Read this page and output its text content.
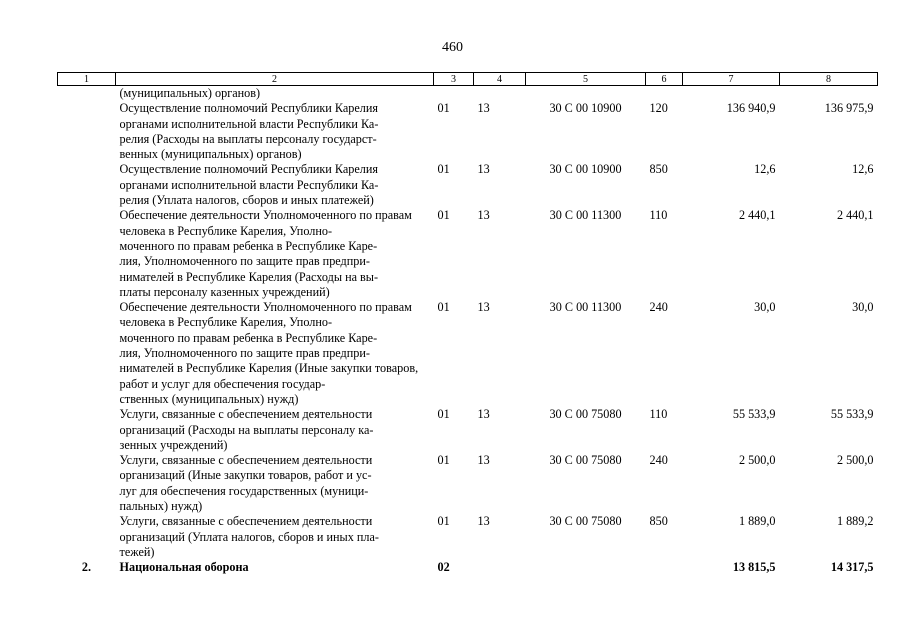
460
1	2	3	4	5	6	7	8
	(муниципальных) органов)						
	Осуществление полномочий Республики Карелия органами исполнительной власти Республики Ка-
релия (Расходы на выплаты персоналу государст-
венных (муниципальных) органов)	01	13	30 С 00 10900	120	136 940,9	136 975,9
	Осуществление полномочий Республики Карелия органами исполнительной власти Республики Ка-
релия (Уплата налогов, сборов и иных платежей)	01	13	30 С 00 10900	850	12,6	12,6
	Обеспечение деятельности Уполномоченного по правам человека в Республике Карелия, Уполно-
моченного по правам ребенка в Республике Каре-
лия, Уполномоченного по защите прав предпри-
нимателей в Республике Карелия (Расходы на вы-
платы персоналу казенных учреждений)	01	13	30 С 00 11300	110	2 440,1	2 440,1
	Обеспечение деятельности Уполномоченного по правам человека в Республике Карелия, Уполно-
моченного по правам ребенка в Республике Каре-
лия, Уполномоченного по защите прав предпри-
нимателей в Республике Карелия (Иные закупки товаров, работ и услуг для обеспечения государ-
ственных (муниципальных) нужд)	01	13	30 С 00 11300	240	30,0	30,0
	Услуги, связанные с обеспечением деятельности организаций (Расходы на выплаты персоналу ка-
зенных учреждений)	01	13	30 С 00 75080	110	55 533,9	55 533,9
	Услуги, связанные с обеспечением деятельности организаций (Иные закупки товаров, работ и ус-
луг для обеспечения государственных (муници-
пальных) нужд)	01	13	30 С 00 75080	240	2 500,0	2 500,0
	Услуги, связанные с обеспечением деятельности организаций (Уплата налогов, сборов и иных пла-
тежей)	01	13	30 С 00 75080	850	1 889,0	1 889,2
2.	Национальная оборона	02				13 815,5	14 317,5
